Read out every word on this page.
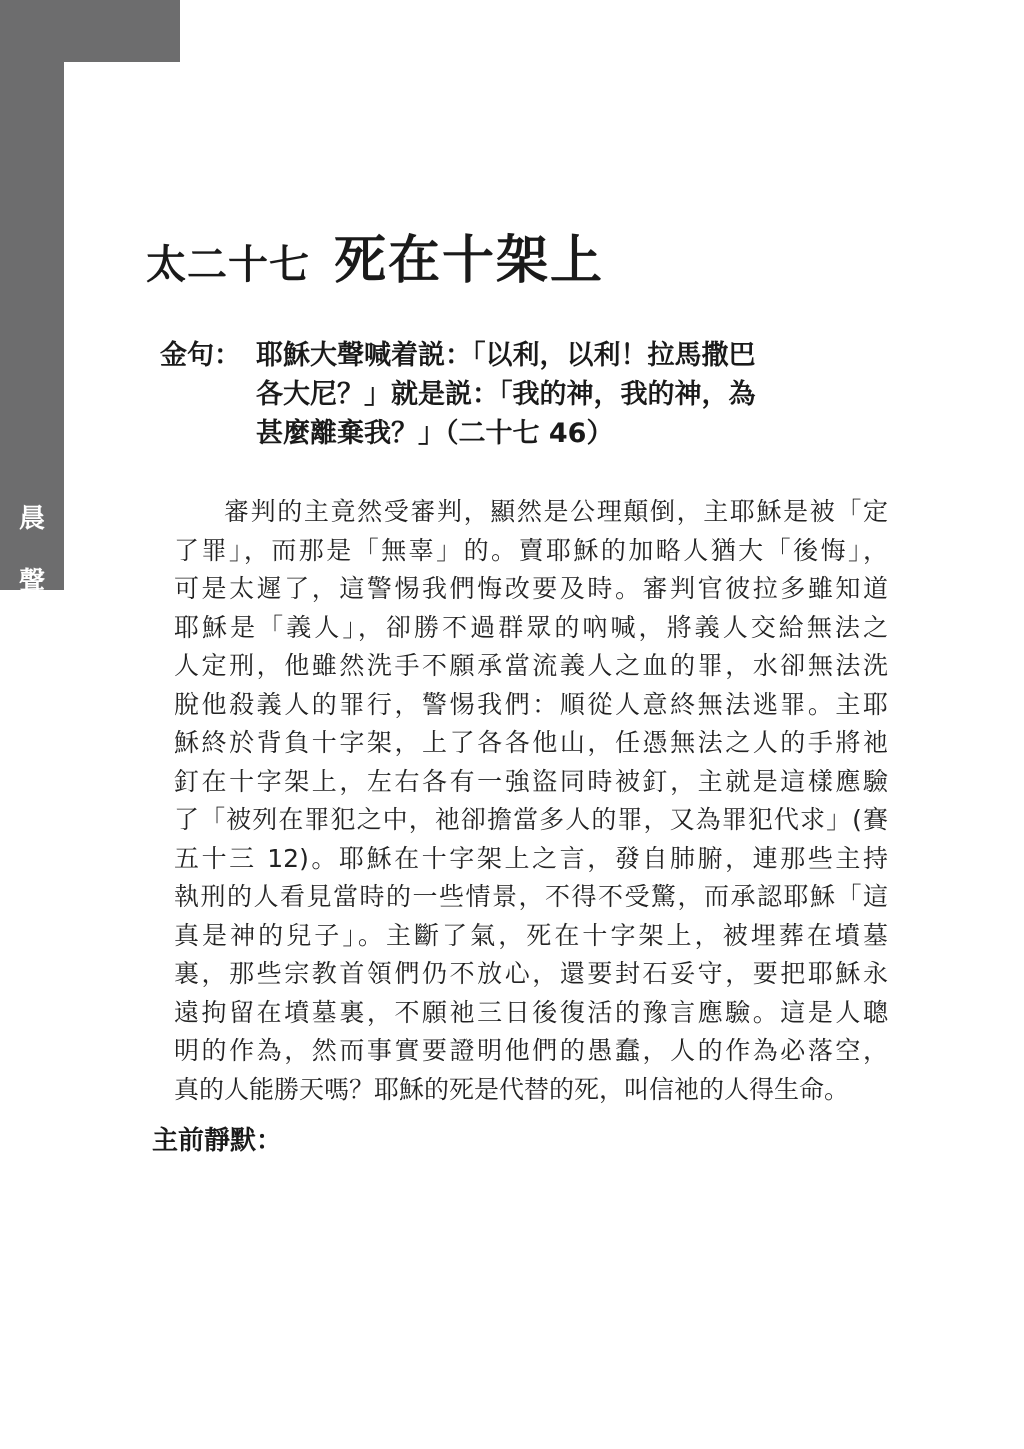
晨
聲
46
太二十七 死在十架上
金句： 耶穌大聲喊着説：「以利，以利！拉馬撒巴
各大尼？」就是説：「我的神，我的神，為
甚麼離棄我？」（二十七 46）
審判的主竟然受審判，顯然是公理顛倒，主耶穌是被「定
了罪」，而那是「無辜」的。賣耶穌的加略人猶大「後悔」，
可是太遲了，這警惕我們悔改要及時。審判官彼拉多雖知道
耶穌是「義人」，卻勝不過群眾的吶喊，將義人交給無法之
人定刑，他雖然洗手不願承當流義人之血的罪，水卻無法洗
脫他殺義人的罪行，警惕我們：順從人意終無法逃罪。主耶
穌終於背負十字架，上了各各他山，任憑無法之人的手將祂
釘在十字架上，左右各有一強盜同時被釘，主就是這樣應驗
了「被列在罪犯之中，祂卻擔當多人的罪，又為罪犯代求」(賽
五十三 12)。耶穌在十字架上之言，發自肺腑，連那些主持
執刑的人看見當時的一些情景，不得不受驚，而承認耶穌「這
真是神的兒子」。主斷了氣，死在十字架上，被埋葬在墳墓
裏，那些宗教首領們仍不放心，還要封石妥守，要把耶穌永
遠拘留在墳墓裏，不願祂三日後復活的豫言應驗。這是人聰
明的作為，然而事實要證明他們的愚蠢，人的作為必落空，
真的人能勝天嗎？耶穌的死是代替的死，叫信祂的人得生命。
主前靜默：
